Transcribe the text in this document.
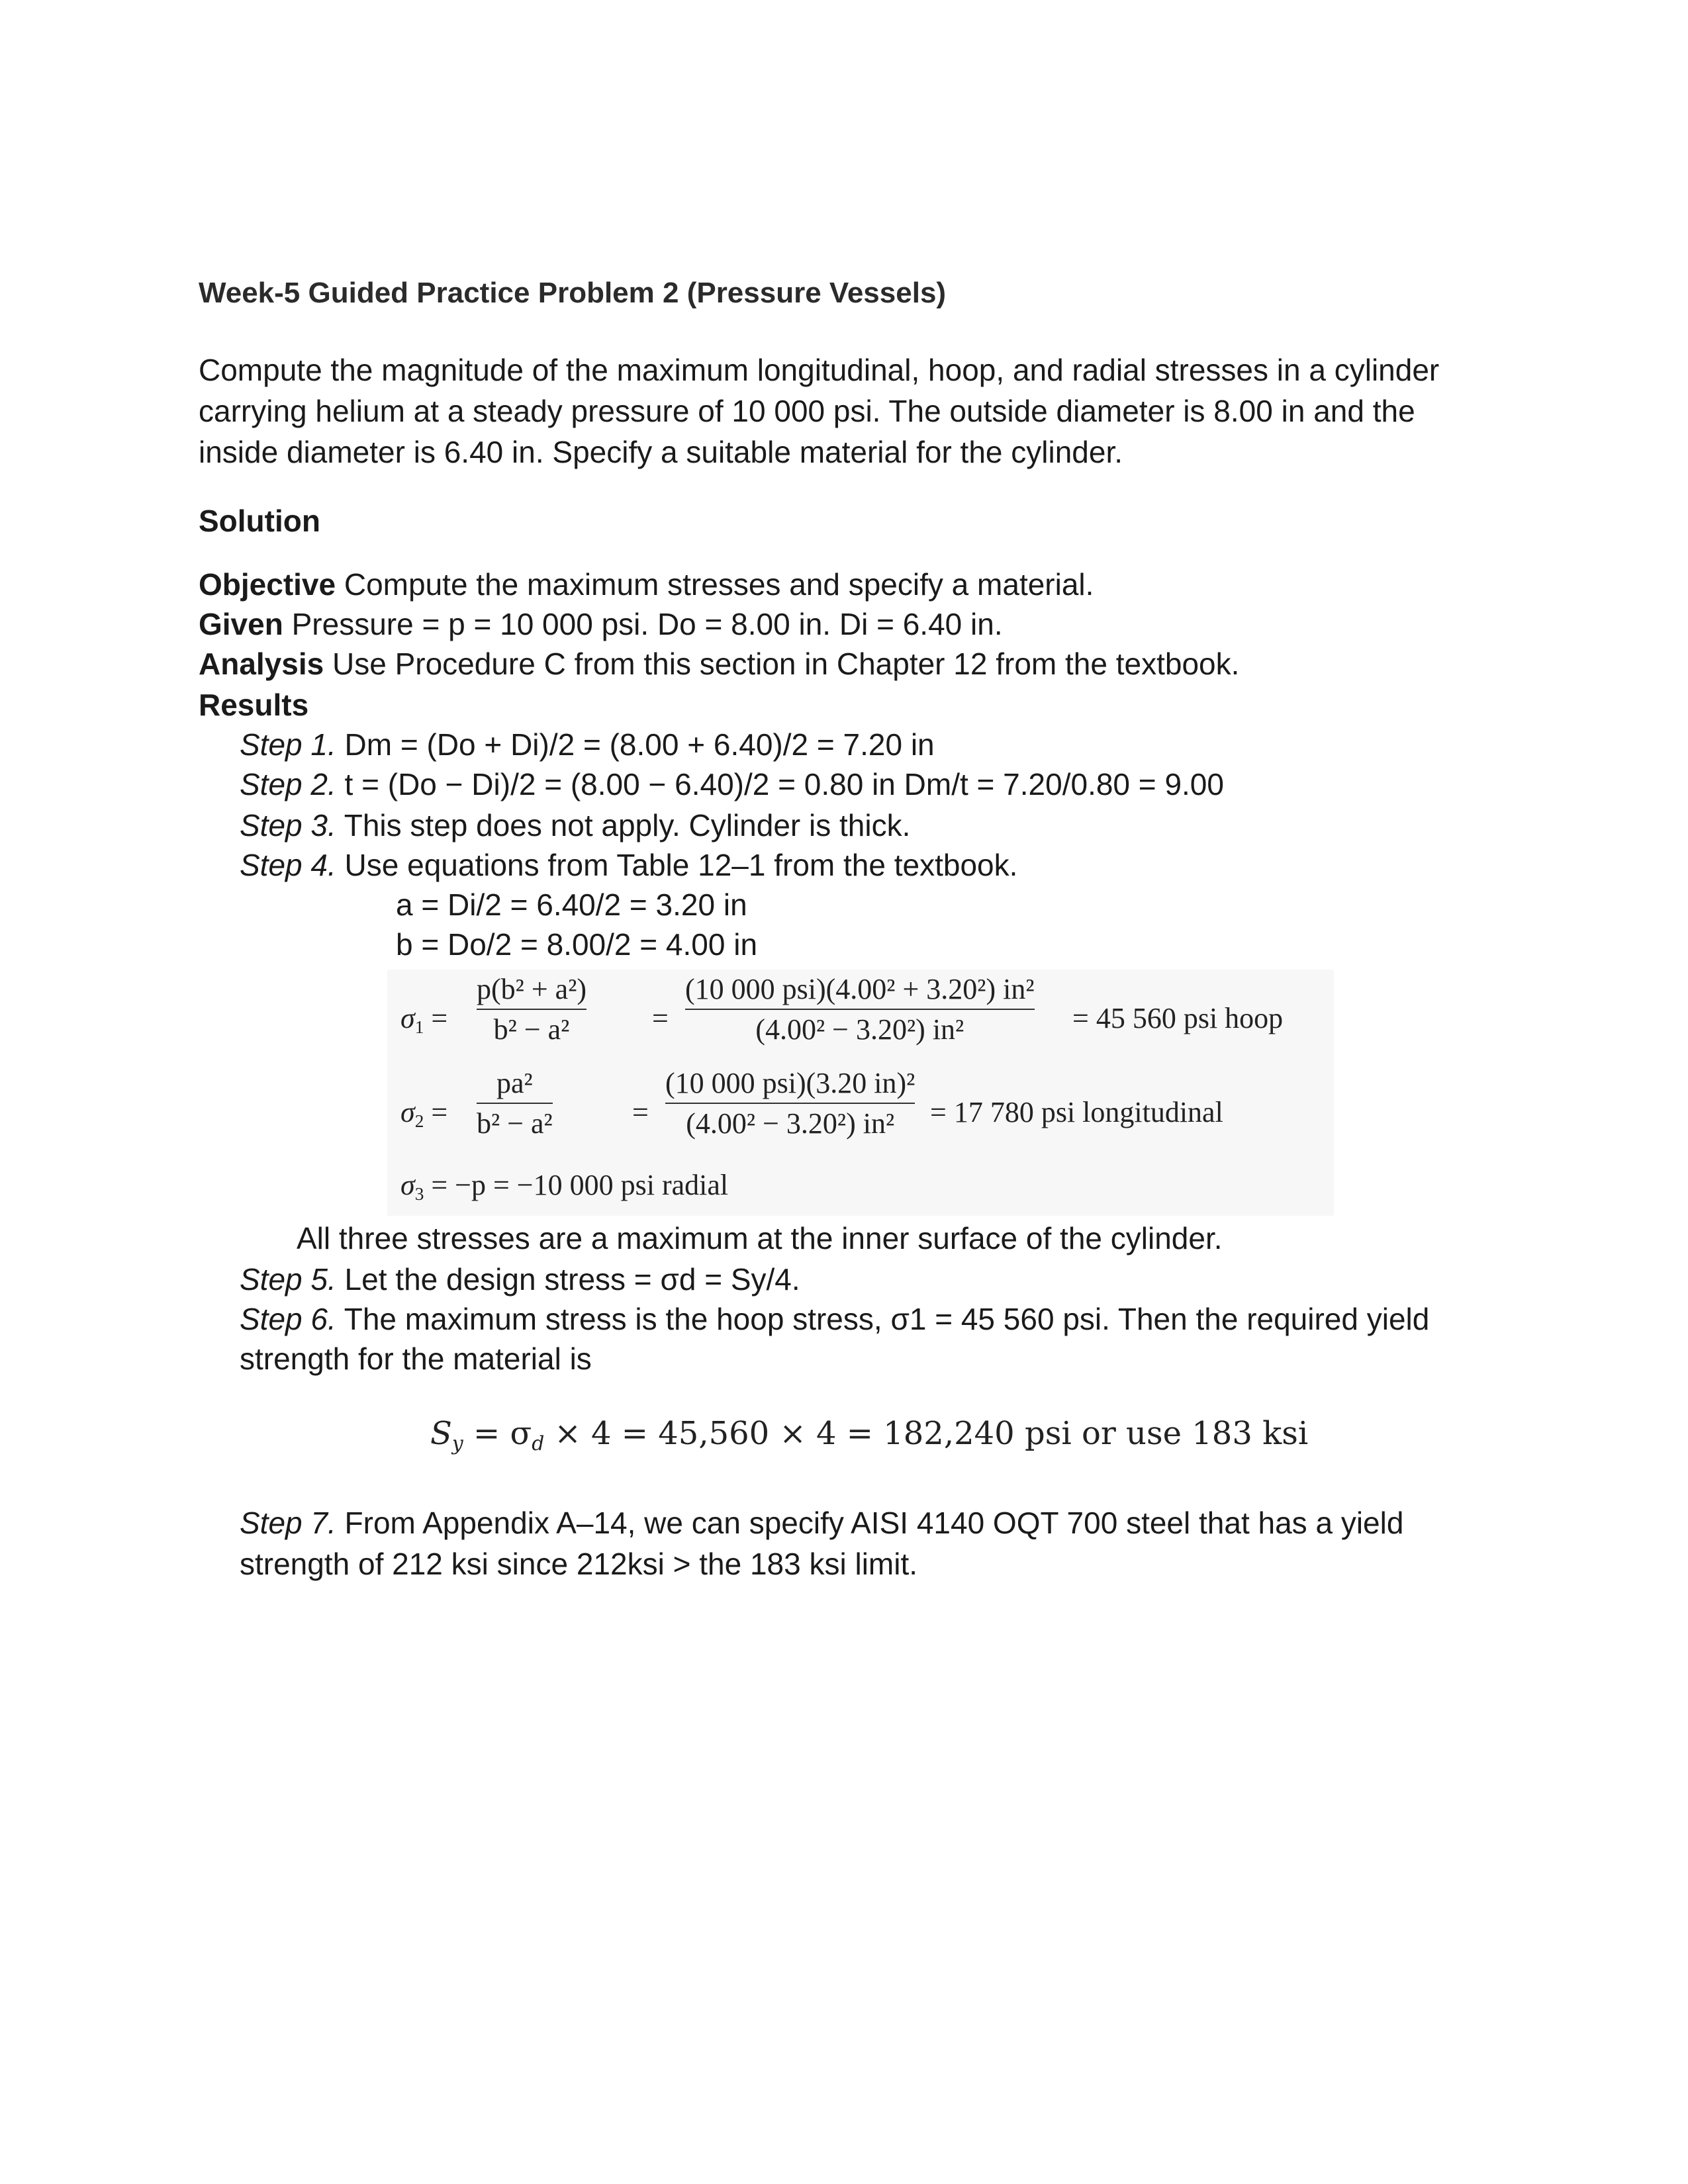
Week-5 Guided Practice Problem 2 (Pressure Vessels)
Compute the magnitude of the maximum longitudinal, hoop, and radial stresses in a cylinder
carrying helium at a steady pressure of 10 000 psi. The outside diameter is 8.00 in and the
inside diameter is 6.40 in. Specify a suitable material for the cylinder.
Solution
Objective Compute the maximum stresses and specify a material.
Given Pressure = p = 10 000 psi. Do = 8.00 in. Di = 6.40 in.
Analysis Use Procedure C from this section in Chapter 12 from the textbook.
Results
Step 1. Dm = (Do + Di)/2 = (8.00 + 6.40)/2 = 7.20 in
Step 2. t = (Do − Di)/2 = (8.00 − 6.40)/2 = 0.80 in Dm/t = 7.20/0.80 = 9.00
Step 3. This step does not apply. Cylinder is thick.
Step 4. Use equations from Table 12–1 from the textbook.
a = Di/2 = 6.40/2 = 3.20 in
b = Do/2 = 8.00/2 = 4.00 in
$\sigma_1$ =
p(b² + a²)
b² − a²	=
(10 000 psi)(4.00² + 3.20²) in²
(4.00² − 3.20²) in²	= 45 560 psi hoop
$\sigma_2$ =
pa²
b² − a²	=
(10 000 psi)(3.20 in)²
(4.00² − 3.20²) in² = 17 780 psi longitudinal
$\sigma_3 = -p = -10$ 000 psi radial
All three stresses are a maximum at the inner surface of the cylinder.
Step 5. Let the design stress = σd = Sy/4.
Step 6. The maximum stress is the hoop stress, σ1 = 45 560 psi. Then the required yield
strength for the material is
$S_y = \sigma_d \times 4 = 45,560 \times 4 = 182,240$ psi or use 183 ksi
Step 7. From Appendix A–14, we can specify AISI 4140 OQT 700 steel that has a yield
strength of 212 ksi since 212ksi > the 183 ksi limit.
